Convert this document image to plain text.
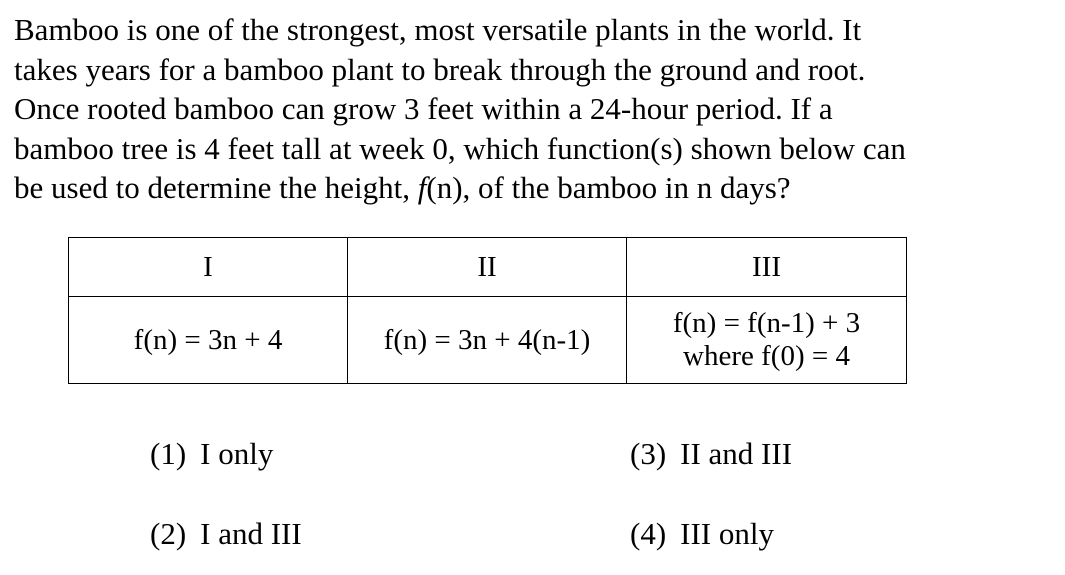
Bamboo is one of the strongest, most versatile plants in the world. It
takes years for a bamboo plant to break through the ground and root.
Once rooted bamboo can grow 3 feet within a 24-hour period. If a
bamboo tree is 4 feet tall at week 0, which function(s) shown below can
be used to determine the height, f(n), of the bamboo in n days?
I	II	III
f(n) = 3n + 4	f(n) = 3n + 4(n-1)	f(n) = f(n-1) + 3
where f(0) = 4
(1) I only
(2) I and III
(3) II and III
(4) III only
